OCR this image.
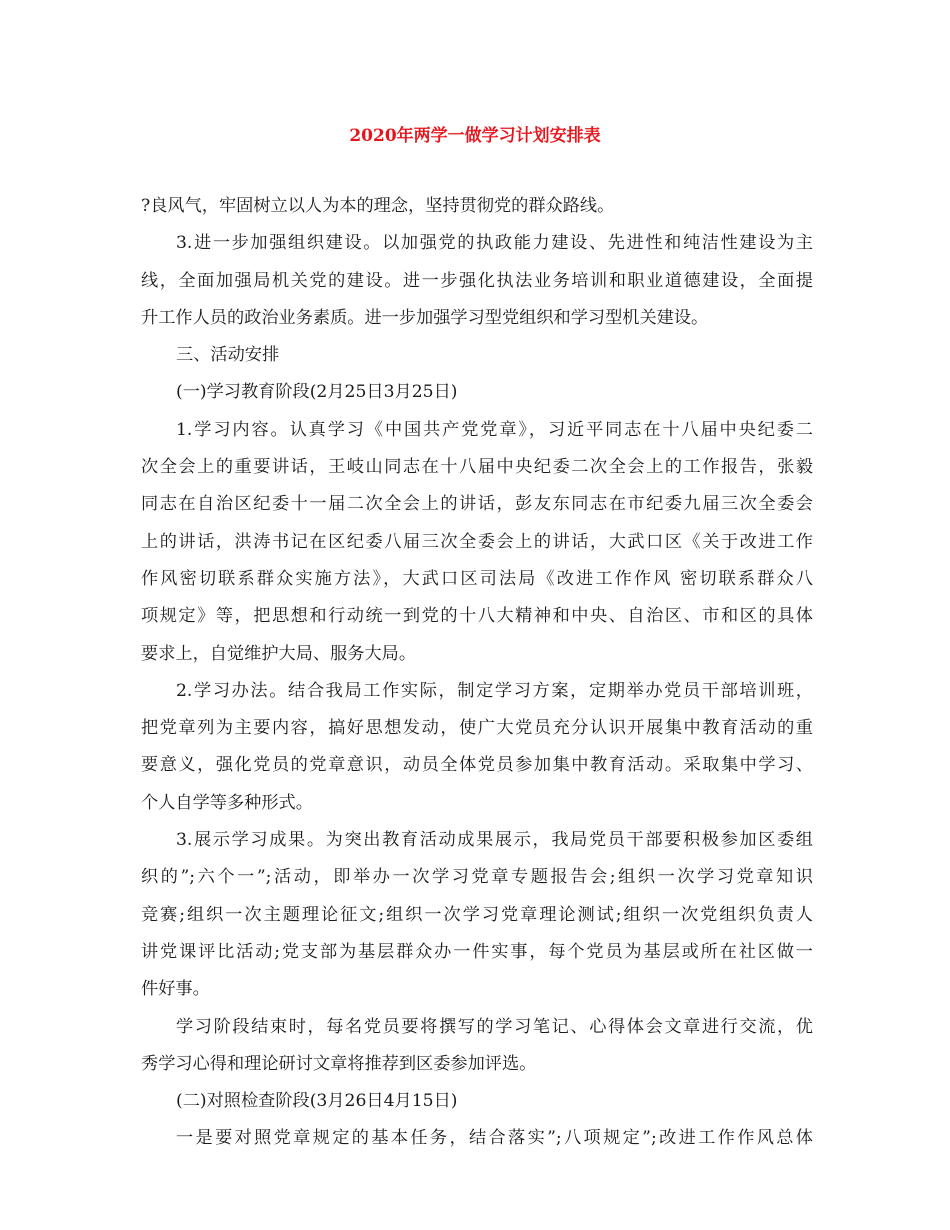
2020年两学一做学习计划安排表
?良风气，牢固树立以人为本的理念，坚持贯彻党的群众路线。
3.进一步加强组织建设。以加强党的执政能力建设、先进性和纯洁性建设为主
线，全面加强局机关党的建设。进一步强化执法业务培训和职业道德建设，全面提
升工作人员的政治业务素质。进一步加强学习型党组织和学习型机关建设。
三、活动安排
(一)学习教育阶段(2月25日3月25日)
1.学习内容。认真学习《中国共产党党章》，习近平同志在十八届中央纪委二
次全会上的重要讲话，王岐山同志在十八届中央纪委二次全会上的工作报告，张毅
同志在自治区纪委十一届二次全会上的讲话，彭友东同志在市纪委九届三次全委会
上的讲话，洪涛书记在区纪委八届三次全委会上的讲话，大武口区《关于改进工作
作风密切联系群众实施方法》，大武口区司法局《改进工作作风 密切联系群众八
项规定》等，把思想和行动统一到党的十八大精神和中央、自治区、市和区的具体
要求上，自觉维护大局、服务大局。
2.学习办法。结合我局工作实际，制定学习方案，定期举办党员干部培训班，
把党章列为主要内容，搞好思想发动，使广大党员充分认识开展集中教育活动的重
要意义，强化党员的党章意识，动员全体党员参加集中教育活动。采取集中学习、
个人自学等多种形式。
3.展示学习成果。为突出教育活动成果展示，我局党员干部要积极参加区委组
织的”;六个一”;活动，即举办一次学习党章专题报告会;组织一次学习党章知识
竞赛;组织一次主题理论征文;组织一次学习党章理论测试;组织一次党组织负责人
讲党课评比活动;党支部为基层群众办一件实事，每个党员为基层或所在社区做一
件好事。
学习阶段结束时，每名党员要将撰写的学习笔记、心得体会文章进行交流，优
秀学习心得和理论研讨文章将推荐到区委参加评选。
(二)对照检查阶段(3月26日4月15日)
一是要对照党章规定的基本任务，结合落实”;八项规定”;改进工作作风总体
